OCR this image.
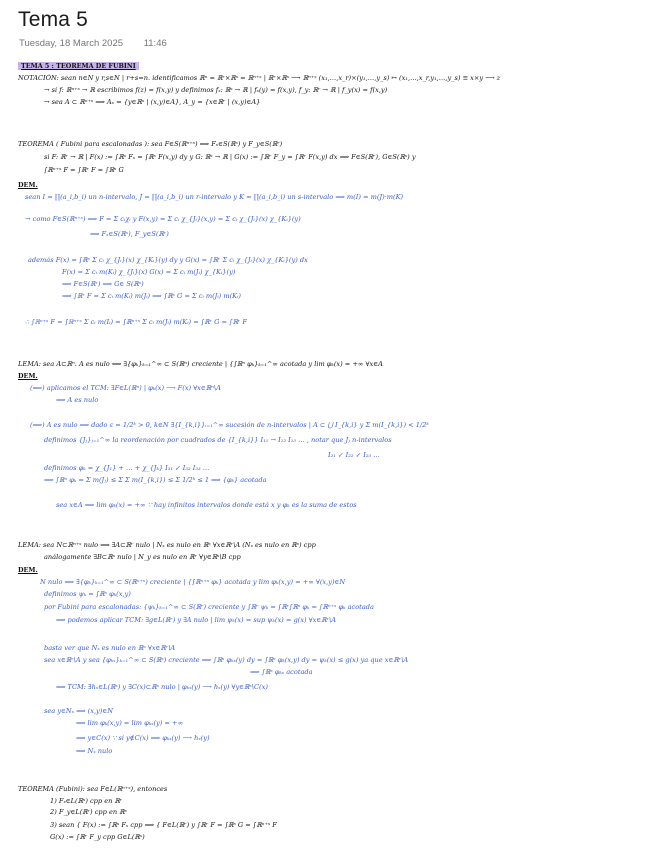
Tema 5
Tuesday, 18 March 2025 11:46
TEMA 5 : TEOREMA DE FUBINI
NOTACIÓN: sean n∈N y r,s∈N | r+s=n. identificamos ℝⁿ = ℝʳ×ℝˢ = ℝⁿ⁺ˢ | ℝʳ×ℝˢ ⟶ ℝⁿ⁺ˢ (x₁,…,x_r)×(y₁,…,y_s) ↦ (x₁,…,x_r,y₁,…,y_s) ≡ x×y ⟶ z
→ si f: ℝⁿ⁺ˢ → ℝ escribimos f(z) = f(x,y) y definimos fₓ: ℝˢ → ℝ | fₓ(y) = f(x,y), f_y: ℝʳ → ℝ | f_y(x) = f(x,y)
→ sea A ⊂ ℝⁿ⁺ˢ ⟹ Aₓ = {y∈ℝˢ | (x,y)∈A}, A_y = {x∈ℝʳ | (x,y)∈A}
TEOREMA ( Fubini para escalonadas ): sea F∈S(ℝⁿ⁺ˢ) ⟹ Fₓ∈S(ℝˢ) y F_y∈S(ℝʳ)
si F: ℝʳ → ℝ | F(x) := ∫ℝˢ Fₓ = ∫ℝˢ F(x,y) dy y G: ℝˢ → ℝ | G(x) := ∫ℝʳ F_y = ∫ℝʳ F(x,y) dx ⟹ F∈S(ℝʳ), G∈S(ℝˢ) y
∫ℝⁿ⁺ˢ F = ∫ℝʳ F = ∫ℝˢ G
DEM.
sean I = ∏(a_i,b_i) un n-intervalo, J = ∏(a_i,b_i) un r-intervalo y K = ∏(a_i,b_i) un s-intervalo ⟹ m(I) = m(J)·m(K)
→ como F∈S(ℝⁿ⁺ˢ) ⟹ F = Σ cᵢχᵢ y F(x,y) = Σ cᵢ χ_{Jᵢ}(x,y) = Σ cᵢ χ_{Jᵢ}(x) χ_{Kᵢ}(y)
⟹ Fₓ∈S(ℝˢ), F_y∈S(ℝʳ)
además F(x) = ∫ℝˢ Σ cᵢ χ_{Jᵢ}(x) χ_{Kᵢ}(y) dy y G(x) = ∫ℝʳ Σ cᵢ χ_{Jᵢ}(x) χ_{Kᵢ}(y) dx
F(x) = Σ cᵢ m(Kᵢ) χ_{Jᵢ}(x) G(x) = Σ cᵢ m(Jᵢ) χ_{Kᵢ}(y)
⟹ F∈S(ℝʳ) ⟹ G∈ S(ℝˢ)
⟹ ∫ℝʳ F = Σ cᵢ m(Kᵢ) m(Jᵢ) ⟹ ∫ℝˢ G = Σ cᵢ m(Jᵢ) m(Kᵢ)
∴ ∫ℝⁿ⁺ˢ F = ∫ℝⁿ⁺ˢ Σ cᵢ m(Iᵢ) = ∫ℝⁿ⁺ˢ Σ cᵢ m(Jᵢ) m(Kᵢ) = ∫ℝʳ G = ∫ℝʳ F
LEMA: sea A⊂ℝⁿ. A es nulo ⟺ ∃{φₖ}ₖ₌₁^∞ ⊂ S(ℝⁿ) creciente | {∫ℝⁿ φₖ}ₖ₌₁^∞ acotada y lim φₖ(x) = +∞ ∀x∈A
DEM.
(⟸) aplicamos el TCM: ∃F∈L(ℝⁿ) | φₖ(x) ⟶ F(x) ∀x∈ℝⁿ\A
⟹ A es nulo
(⟹) A es nulo ⟹ dado ε = 1/2ᵏ > 0, k∈N ∃{I_{k,i}}ᵢ₌₁^∞ sucesión de n-intervalos | A ⊂ ⋃ I_{k,i} y Σ m(I_{k,i}) < 1/2ᵏ
definimos {Jⱼ}ⱼ₌₁^∞ la reordenación por cuadrados de {I_{k,i}} I₁₁ → I₁₂ I₁₃ … , notar que Jⱼ n-intervalos
I₂₁ ↙ I₂₂ ↙ I₂₃ …
definimos φₖ = χ_{J₁} + … + χ_{Jₖ} I₃₁ ↙ I₃₂ I₃₃ …
⟹ ∫ℝⁿ φₖ = Σ m(Jⱼ) ≤ Σ Σ m(I_{k,i}) ≤ Σ 1/2ᵏ ≤ 1 ⟹ {φₖ} acotada
sea x∈A ⟹ lim φₖ(x) = +∞ ∵ hay infinitos intervalos donde está x y φₖ es la suma de estos
LEMA: sea N⊂ℝⁿ⁺ˢ nulo ⟹ ∃A⊂ℝʳ nulo | Nₓ es nulo en ℝˢ ∀x∈ℝʳ\A (Nₓ es nulo en ℝˢ) cpp
análogamente ∃B⊂ℝˢ nulo | N_y es nulo en ℝʳ ∀y∈ℝˢ\B cpp
DEM.
N nulo ⟹ ∃{φₖ}ₖ₌₁^∞ ⊂ S(ℝⁿ⁺ˢ) creciente | {∫ℝⁿ⁺ˢ φₖ} acotada y lim φₖ(x,y) = +∞ ∀(x,y)∈N
definimos ψₖ = ∫ℝˢ φₖ(x,y)
por Fubini para escalonadas: {ψₖ}ₖ₌₁^∞ ⊂ S(ℝʳ) creciente y ∫ℝʳ ψₖ = ∫ℝʳ∫ℝˢ φₖ = ∫ℝⁿ⁺ˢ φₖ acotada
⟹ podemos aplicar TCM: ∃g∈L(ℝʳ) y ∃A nulo | lim ψₖ(x) = sup ψₖ(x) = g(x) ∀x∈ℝʳ\A
basta ver que Nₓ es nulo en ℝˢ ∀x∈ℝʳ\A
sea x∈ℝʳ\A y sea {φₖₓ}ₖ₌₁^∞ ⊂ S(ℝˢ) creciente ⟹ ∫ℝˢ φₖₓ(y) dy = ∫ℝˢ φₖ(x,y) dy = ψₖ(x) ≤ g(x) ya que x∈ℝʳ\A
⟹ ∫ℝˢ φₖₓ acotada
⟹ TCM: ∃hₓ∈L(ℝˢ) y ∃C(x)⊂ℝˢ nulo | φₖₓ(y) ⟶ hₓ(y) ∀y∈ℝˢ\C(x)
sea y∈Nₓ ⟹ (x,y)∈N
⟹ lim φₖ(x,y) = lim φₖₓ(y) = +∞
⟹ y∈C(x) ∵ si y∉C(x) ⟹ φₖₓ(y) ⟶ hₓ(y)
⟹ Nₓ nulo
TEOREMA (Fubini): sea F∈L(ℝⁿ⁺ˢ), entonces
1) Fₓ∈L(ℝˢ) cpp en ℝʳ
2) F_y∈L(ℝʳ) cpp en ℝˢ
3) sean { F(x) := ∫ℝˢ Fₓ cpp ⟹ { F∈L(ℝʳ) y ∫ℝʳ F = ∫ℝˢ G = ∫ℝⁿ⁺ˢ F
G(x) := ∫ℝʳ F_y cpp G∈L(ℝˢ)
